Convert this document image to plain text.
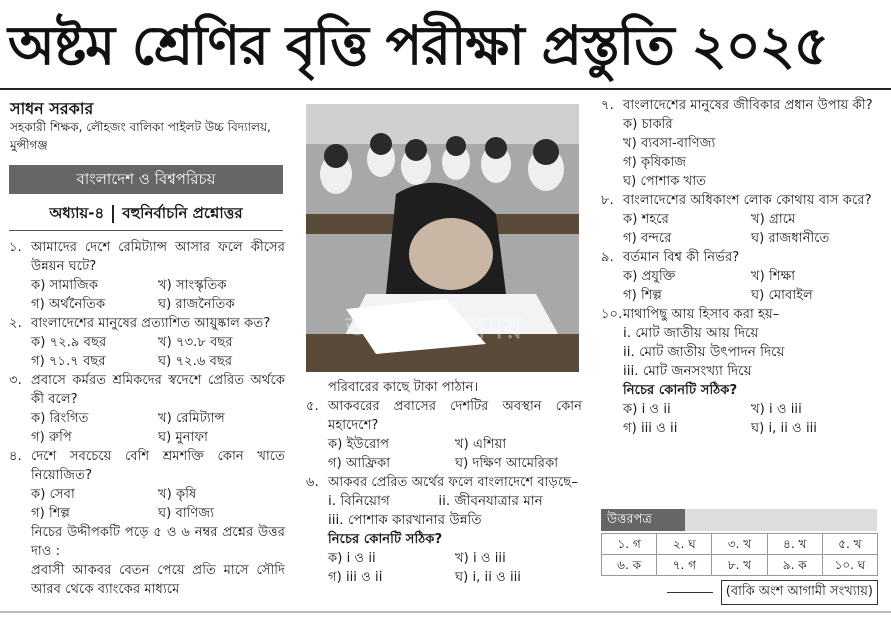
অষ্টম শ্রেণির বৃত্তি পরীক্ষা প্রস্তুতি ২০২৫
সাধন সরকার
সহকারী শিক্ষক, লৌহজং বালিকা পাইলট উচ্চ বিদ্যালয়, মুন্সীগঞ্জ
বাংলাদেশ ও বিশ্বপরিচয়
অধ্যায়-৪ বহুনির্বাচনি প্রশ্নোত্তর
১. আমাদের দেশে রেমিট্যান্স আসার ফলে কীসের উন্নয়ন ঘটে?
ক) সামাজিক	খ) সাংস্কৃতিক
গ) অর্থনৈতিক	ঘ) রাজনৈতিক
২. বাংলাদেশের মানুষের প্রত্যাশিত আয়ুষ্কাল কত?
ক) ৭২.৯ বছর	খ) ৭৩.৮ বছর
গ) ৭১.৭ বছর	ঘ) ৭২.৬ বছর
৩. প্রবাসে কর্মরত শ্রমিকদের স্বদেশে প্রেরিত অর্থকে কী বলে?
ক) রিংগিত	খ) রেমিট্যান্স
গ) রুপি	ঘ) মুনাফা
৪. দেশে সবচেয়ে বেশি শ্রমশক্তি কোন খাতে নিয়োজিত?
ক) সেবা	খ) কৃষি
গ) শিল্প	ঘ) বাণিজ্য
নিচের উদ্দীপকটি পড়ে ৫ ও ৬ নম্বর প্রশ্নের উত্তর দাও :
প্রবাসী আকবর বেতন পেয়ে প্রতি মাসে সৌদি আরব থেকে ব্যাংকের মাধ্যমে
আমাদের সময়
পরিবারের কাছে টাকা পাঠান।
৫. আকবরের প্রবাসের দেশটির অবস্থান কোন মহাদেশে?
ক) ইউরোপ	খ) এশিয়া
গ) আফ্রিকা	ঘ) দক্ষিণ আমেরিকা
৬. আকবর প্রেরিত অর্থের ফলে বাংলাদেশে বাড়ছে–
i. বিনিয়োগ	ii. জীবনযাত্রার মান
iii. পোশাক কারখানার উন্নতি
নিচের কোনটি সঠিক?
ক) i ও ii	খ) i ও iii
গ) iii ও ii	ঘ) i, ii ও iii
৭. বাংলাদেশের মানুষের জীবিকার প্রধান উপায় কী?
ক) চাকরি
খ) ব্যবসা-বাণিজ্য
গ) কৃষিকাজ
ঘ) পোশাক খাত
৮. বাংলাদেশের অধিকাংশ লোক কোথায় বাস করে?
ক) শহরে	খ) গ্রামে
গ) বন্দরে	ঘ) রাজধানীতে
৯. বর্তমান বিশ্ব কী নির্ভর?
ক) প্রযুক্তি	খ) শিক্ষা
গ) শিল্প	ঘ) মোবাইল
১০. মাথাপিছু আয় হিসাব করা হয়–
i. মোট জাতীয় আয় দিয়ে
ii. মোট জাতীয় উৎপাদন দিয়ে
iii. মোট জনসংখ্যা দিয়ে
নিচের কোনটি সঠিক?
ক) i ও ii	খ) i ও iii
গ) iii ও ii	ঘ) i, ii ও iii
উত্তরপত্র
১. গ	২. ঘ	৩. খ	৪. খ	৫. খ
৬. ক	৭. গ	৮. খ	৯. ক	১০. ঘ
(বাকি অংশ আগামী সংখ্যায়)
